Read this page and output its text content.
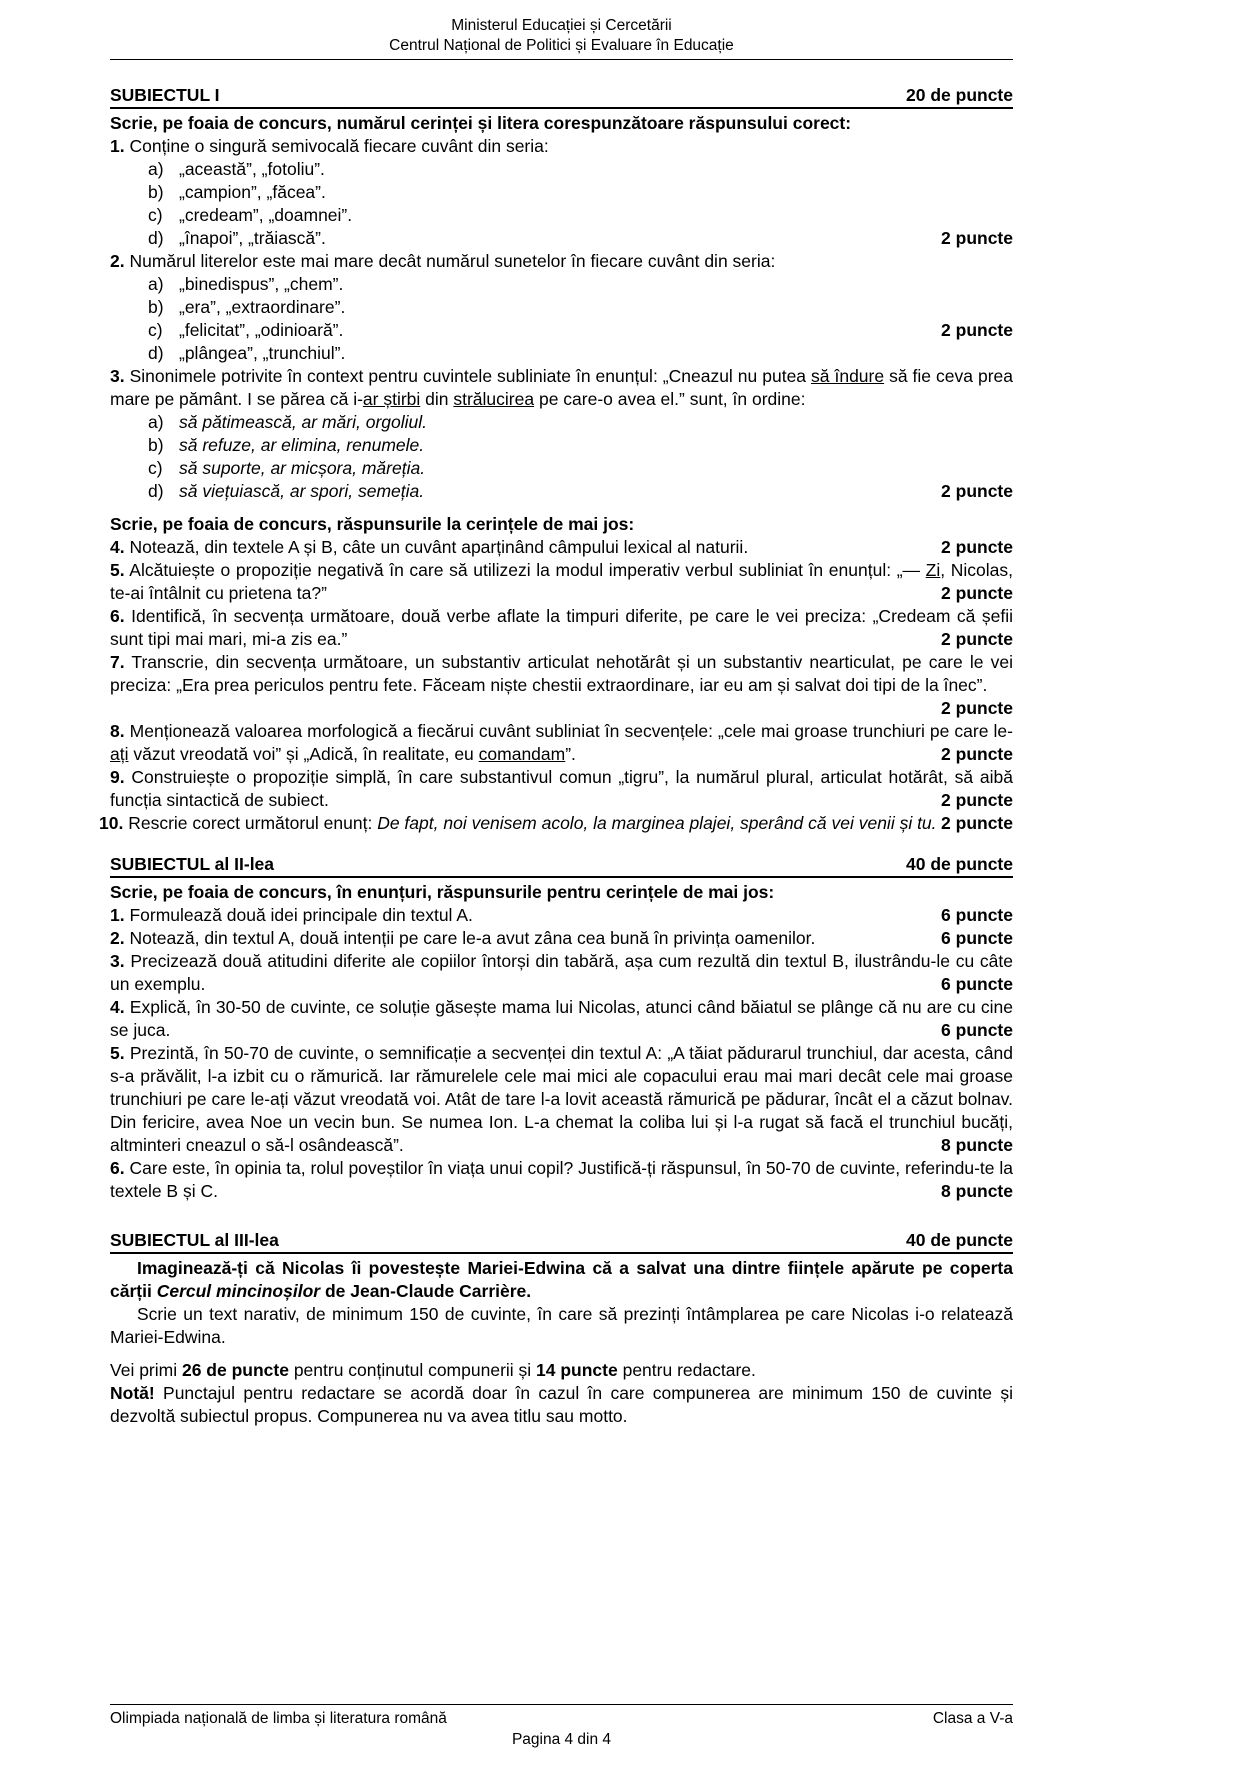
Ministerul Educației și Cercetării
Centrul Național de Politici și Evaluare în Educație
SUBIECTUL I	20 de puncte
Scrie, pe foaia de concurs, numărul cerinței și litera corespunzătoare răspunsului corect:
1. Conține o singură semivocală fiecare cuvânt din seria:
a) „această”, „fotoliu”.
b) „campion”, „făcea”.
c) „credeam”, „doamnei”.
d) „înapoi”, „trăiască”.	2 puncte
2. Numărul literelor este mai mare decât numărul sunetelor în fiecare cuvânt din seria:
a) „binedispus”, „chem”.
b) „era”, „extraordinare”.
c) „felicitat”, „odinioară”.	2 puncte
d) „plângea”, „trunchiul”.
3. Sinonimele potrivite în context pentru cuvintele subliniate în enunțul: „Cneazul nu putea să îndure să fie ceva prea mare pe pământ. I se părea că i-ar știrbi din strălucirea pe care-o avea el.” sunt, în ordine:
a) să pătimească, ar mări, orgoliul.
b) să refuze, ar elimina, renumele.
c) să suporte, ar micșora, măreția.
d) să viețuiască, ar spori, semeția.	2 puncte
Scrie, pe foaia de concurs, răspunsurile la cerințele de mai jos:
4. Notează, din textele A și B, câte un cuvânt aparținând câmpului lexical al naturii.	2 puncte
5. Alcătuiește o propoziție negativă în care să utilizezi la modul imperativ verbul subliniat în enunțul: „— Zi, Nicolas, te-ai întâlnit cu prietena ta?”	2 puncte
6. Identifică, în secvența următoare, două verbe aflate la timpuri diferite, pe care le vei preciza: „Credeam că șefii sunt tipi mai mari, mi-a zis ea.”	2 puncte
7. Transcrie, din secvența următoare, un substantiv articulat nehotărât și un substantiv nearticulat, pe care le vei preciza: „Era prea periculos pentru fete. Făceam niște chestii extraordinare, iar eu am și salvat doi tipi de la înec”.
2 puncte
8. Menționează valoarea morfologică a fiecărui cuvânt subliniat în secvențele: „cele mai groase trunchiuri pe care le-ați văzut vreodată voi” și „Adică, în realitate, eu comandam”.	2 puncte
9. Construiește o propoziție simplă, în care substantivul comun „tigru”, la numărul plural, articulat hotărât, să aibă funcția sintactică de subiect.	2 puncte
10. Rescrie corect următorul enunț: De fapt, noi venisem acolo, la marginea plajei, sperând că vei venii și tu. 2 puncte
SUBIECTUL al II-lea	40 de puncte
Scrie, pe foaia de concurs, în enunțuri, răspunsurile pentru cerințele de mai jos:
1. Formulează două idei principale din textul A.	6 puncte
2. Notează, din textul A, două intenții pe care le-a avut zâna cea bună în privința oamenilor.	6 puncte
3. Precizează două atitudini diferite ale copiilor întorși din tabără, așa cum rezultă din textul B, ilustrându-le cu câte un exemplu.	6 puncte
4. Explică, în 30-50 de cuvinte, ce soluție găsește mama lui Nicolas, atunci când băiatul se plânge că nu are cu cine se juca.	6 puncte
5. Prezintă, în 50-70 de cuvinte, o semnificație a secvenței din textul A: „A tăiat pădurarul trunchiul, dar acesta, când s-a prăvălit, l-a izbit cu o rămurică. Iar rămurelele cele mai mici ale copacului erau mai mari decât cele mai groase trunchiuri pe care le-ați văzut vreodată voi. Atât de tare l-a lovit această rămurică pe pădurar, încât el a căzut bolnav. Din fericire, avea Noe un vecin bun. Se numea Ion. L-a chemat la coliba lui și l-a rugat să facă el trunchiul bucăți, altminteri cneazul o să-l osândească”.	8 puncte
6. Care este, în opinia ta, rolul poveștilor în viața unui copil? Justifică-ți răspunsul, în 50-70 de cuvinte, referindu-te la textele B și C.	8 puncte
SUBIECTUL al III-lea	40 de puncte
Imaginează-ți că Nicolas îi povestește Mariei-Edwina că a salvat una dintre ființele apărute pe coperta cărții Cercul mincinoșilor de Jean-Claude Carrière.
Scrie un text narativ, de minimum 150 de cuvinte, în care să prezinți întâmplarea pe care Nicolas i-o relatează Mariei-Edwina.
Vei primi 26 de puncte pentru conținutul compunerii și 14 puncte pentru redactare.
Notă! Punctajul pentru redactare se acordă doar în cazul în care compunerea are minimum 150 de cuvinte și dezvoltă subiectul propus. Compunerea nu va avea titlu sau motto.
Olimpiada națională de limba și literatura română	Clasa a V-a
Pagina 4 din 4
